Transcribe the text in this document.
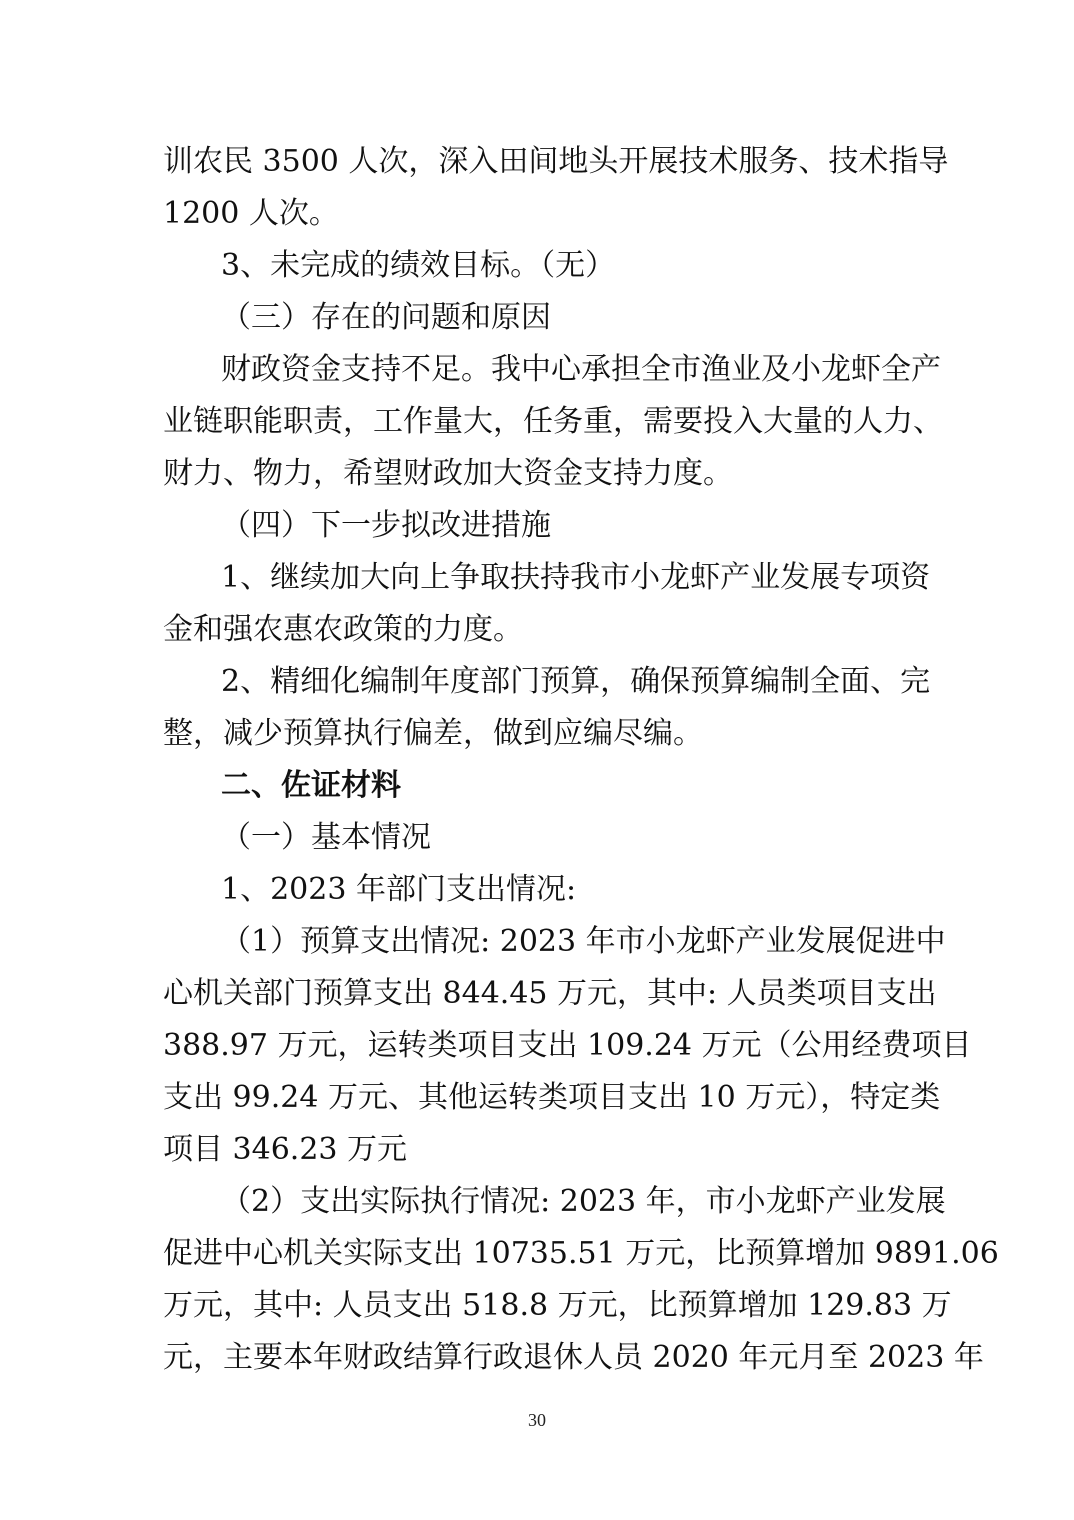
训农民 3500 人次，深入田间地头开展技术服务、技术指导
1200 人次。
3、未完成的绩效目标。（无）
（三）存在的问题和原因
财政资金支持不足。我中心承担全市渔业及小龙虾全产
业链职能职责，工作量大，任务重，需要投入大量的人力、
财力、物力，希望财政加大资金支持力度。
（四）下一步拟改进措施
1、继续加大向上争取扶持我市小龙虾产业发展专项资
金和强农惠农政策的力度。
2、精细化编制年度部门预算，确保预算编制全面、完
整，减少预算执行偏差，做到应编尽编。
二、佐证材料
（一）基本情况
1、2023 年部门支出情况:
（1）预算支出情况: 2023 年市小龙虾产业发展促进中
心机关部门预算支出 844.45 万元，其中: 人员类项目支出
388.97 万元，运转类项目支出 109.24 万元（公用经费项目
支出 99.24 万元、其他运转类项目支出 10 万元），特定类
项目 346.23 万元
（2）支出实际执行情况: 2023 年，市小龙虾产业发展
促进中心机关实际支出 10735.51 万元，比预算增加 9891.06
万元，其中: 人员支出 518.8 万元，比预算增加 129.83 万
元，主要本年财政结算行政退休人员 2020 年元月至 2023 年
30
